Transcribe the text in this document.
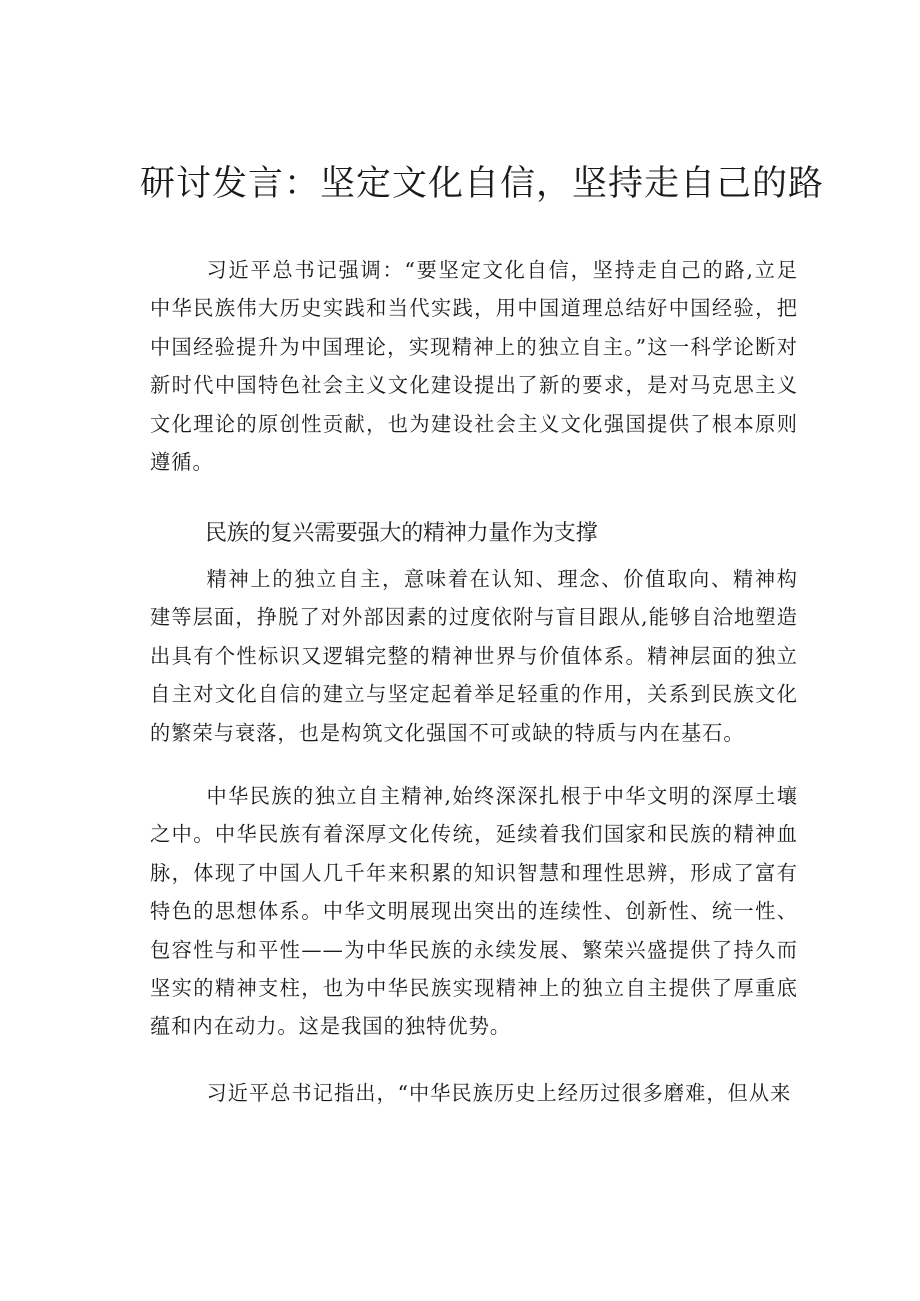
研讨发言：坚定文化自信，坚持走自己的路

习近平总书记强调：“要坚定文化自信，坚持走自己的路,立足中华民族伟大历史实践和当代实践，用中国道理总结好中国经验，把中国经验提升为中国理论，实现精神上的独立自主。”这一科学论断对新时代中国特色社会主义文化建设提出了新的要求，是对马克思主义文化理论的原创性贡献，也为建设社会主义文化强国提供了根本原则遵循。

民族的复兴需要强大的精神力量作为支撑

精神上的独立自主，意味着在认知、理念、价值取向、精神构建等层面，挣脱了对外部因素的过度依附与盲目跟从,能够自洽地塑造出具有个性标识又逻辑完整的精神世界与价值体系。精神层面的独立自主对文化自信的建立与坚定起着举足轻重的作用，关系到民族文化的繁荣与衰落，也是构筑文化强国不可或缺的特质与内在基石。

中华民族的独立自主精神,始终深深扎根于中华文明的深厚土壤之中。中华民族有着深厚文化传统，延续着我们国家和民族的精神血脉，体现了中国人几千年来积累的知识智慧和理性思辨，形成了富有特色的思想体系。中华文明展现出突出的连续性、创新性、统一性、包容性与和平性——为中华民族的永续发展、繁荣兴盛提供了持久而坚实的精神支柱，也为中华民族实现精神上的独立自主提供了厚重底蕴和内在动力。这是我国的独特优势。

习近平总书记指出，“中华民族历史上经历过很多磨难，但从来
